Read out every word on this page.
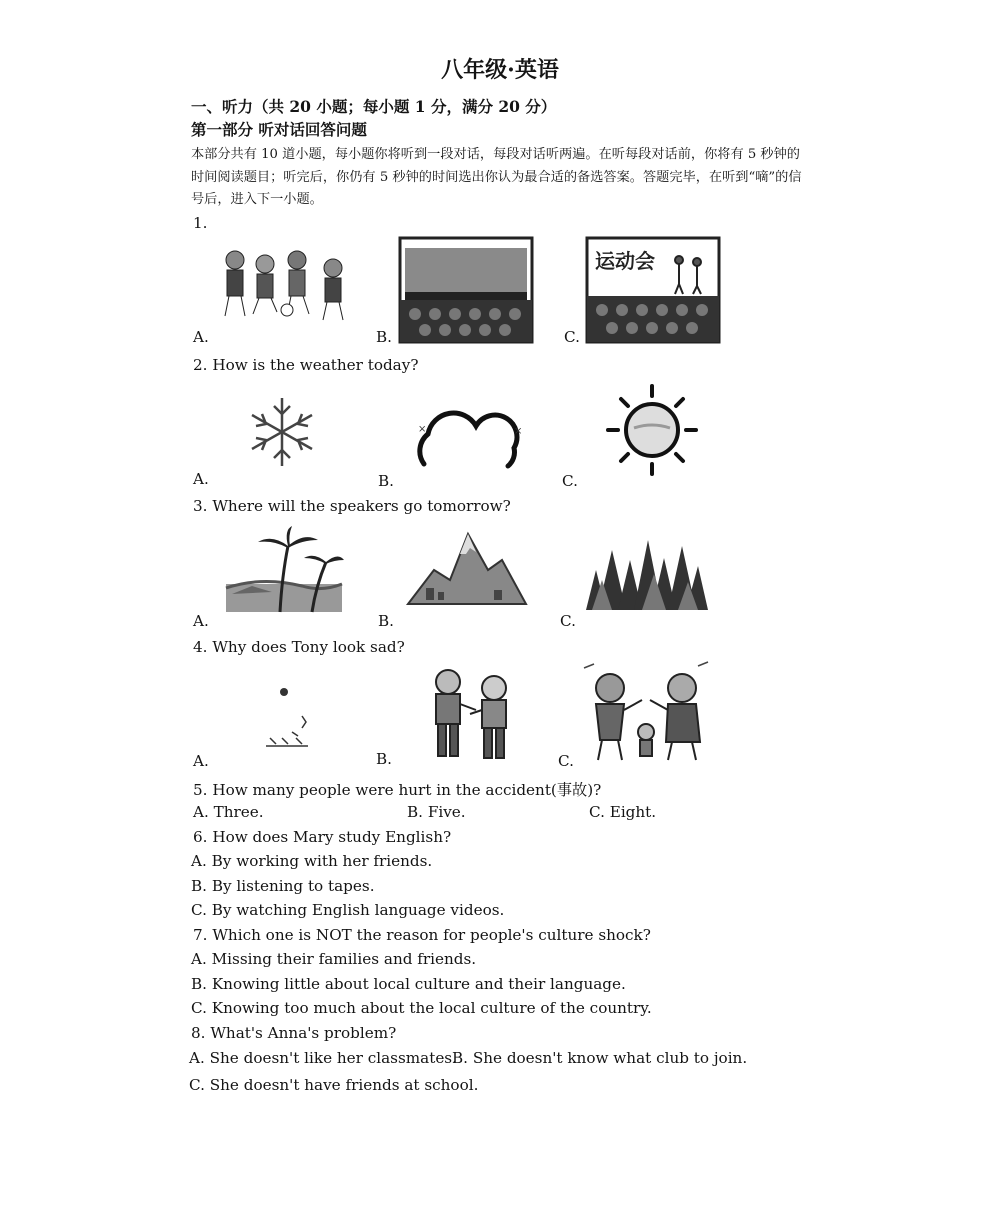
八年级·英语
一、听力（共 20 小题；每小题 1 分，满分 20 分）
第一部分 听对话回答问题
本部分共有 10 道小题，每小题你将听到一段对话，每段对话听两遍。在听每段对话前，你将有 5 秒钟的时间阅读题目；听完后，你仍有 5 秒钟的时间选出你认为最合适的备选答案。答题完毕，在听到“嘀”的信号后，进入下一小题。
1.
运动会
A.	B.	C.
2. How is the weather today?
×	×
A.	B.	C.
3. Where will the speakers go tomorrow?
A.	B.	C.
4. Why does Tony look sad?
A.	B.	C.
5. How many people were hurt in the accident(事故)?
A. Three.	B. Five.	C. Eight.
6. How does Mary study English?
A. By working with her friends.
B. By listening to tapes.
C. By watching English language videos.
7. Which one is NOT the reason for people's culture shock?
A. Missing their families and friends.
B. Knowing little about local culture and their language.
C. Knowing too much about the local culture of the country.
8. What's Anna's problem?
A. She doesn't like her classmates.
B. She doesn't know what club to join.
C. She doesn't have friends at school.
